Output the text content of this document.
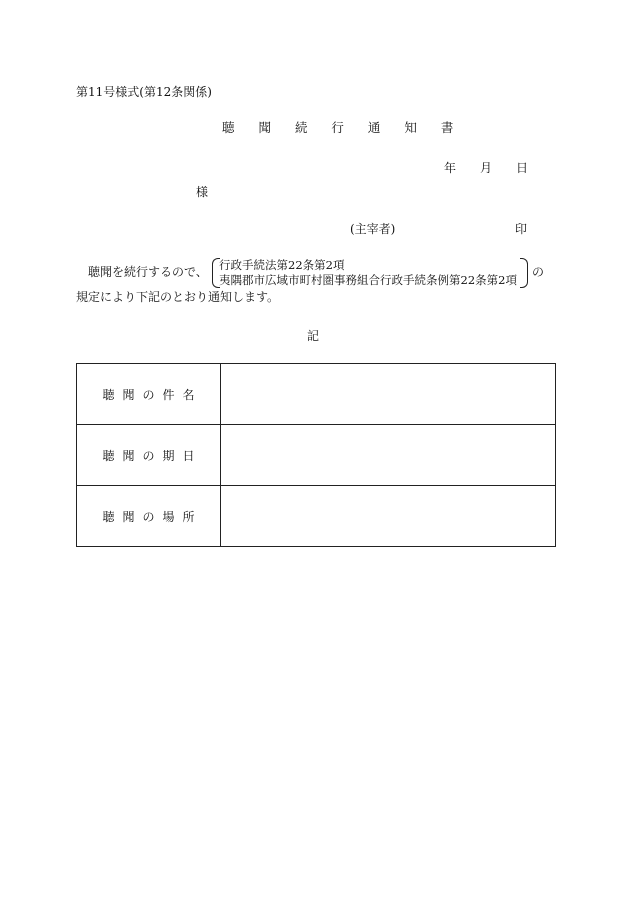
第11号様式(第12条関係)
聴 聞 続 行 通 知 書
年 月 日
様
(主宰者)	印
聴聞を続行するので、 行政手続法第22条第2項
夷隅郡市広域市町村圏事務組合行政手続条例第22条第2項
の
規定により下記のとおり通知します。
記
聴聞の件名	
聴聞の期日	
聴聞の場所	
